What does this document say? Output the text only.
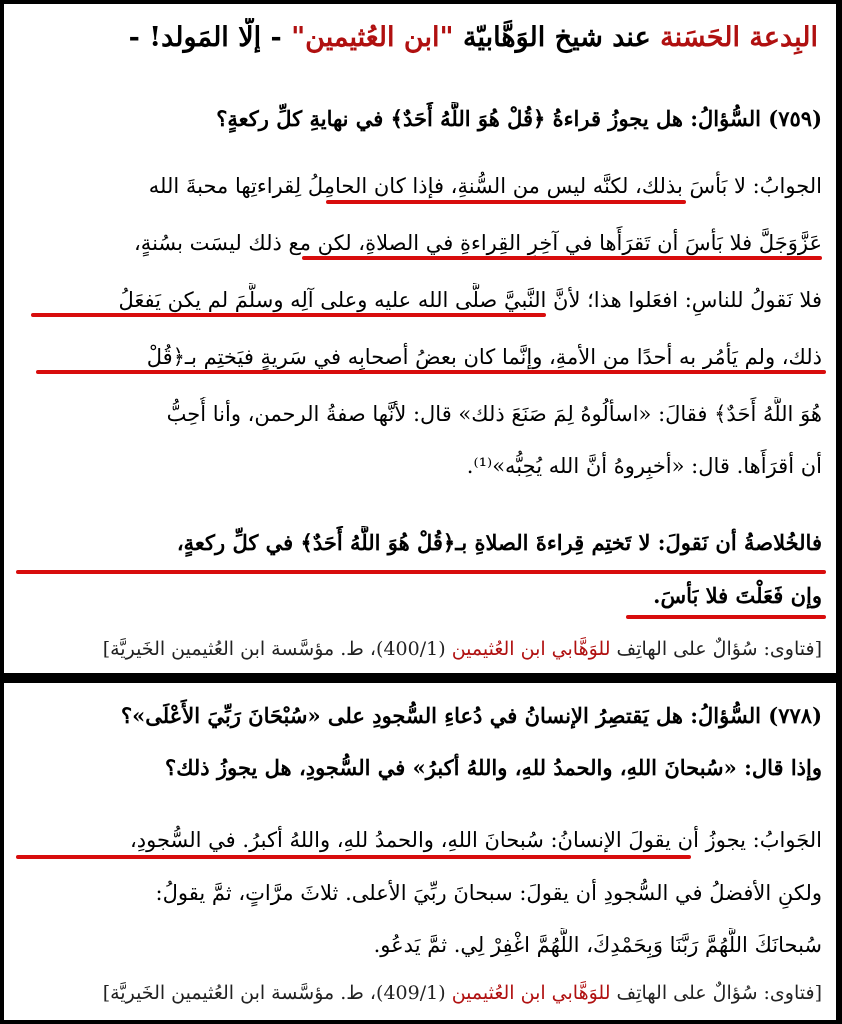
البِدعة الحَسَنة عند شيخ الوَهَّابيّة "ابن العُثيمين" - إلَّا المَولد! -
(٧٥٩) السُّؤالُ: هل يجوزُ قراءةُ ﴿قُلْ هُوَ اللَّهُ أَحَدٌ﴾ في نهايةِ كلِّ ركعةٍ؟
الجوابُ: لا بَأسَ بذلك، لكنَّه ليس من السُّنةِ، فإذا كان الحامِلُ لِقراءتِها محبةَ الله
عَزَّوَجَلَّ فلا بَأسَ أن تَقرَأَها في آخِرِ القِراءةِ في الصلاةِ، لكن مع ذلك ليسَت بسُنةٍ،
فلا نَقولُ للناسِ: افعَلوا هذا؛ لأنَّ النَّبيَّ صلَّى الله عليه وعلى آلِه وسلَّمَ لم يكن يَفعَلُ
ذلك، ولم يَأمُر به أحدًا من الأمةِ، وإنَّما كان بعضُ أصحابِه في سَريةٍ فيَختِم بـ﴿قُلْ
هُوَ اللَّهُ أَحَدٌ﴾ فقالَ: «اسألُوهُ لِمَ صَنَعَ ذلك» قال: لأنَّها صفةُ الرحمن، وأنا أُحِبُّ
أن أقرَأَها. قال: «أخبِروهُ أنَّ الله يُحِبُّه»⁽¹⁾.
فالخُلاصةُ أن نَقولَ: لا تَختِم قِراءةَ الصلاةِ بـ﴿قُلْ هُوَ اللَّهُ أَحَدٌ﴾ في كلِّ ركعةٍ،
وإن فَعَلْتَ فلا بَأسَ.
[فتاوى: سُؤالٌ على الهاتِف للوَهَّابي ابن العُثيمين (400/1)، ط. مؤسَّسة ابن العُثيمين الخَيريَّة]
(٧٧٨) السُّؤالُ: هل يَقتصِرُ الإنسانُ في دُعاءِ السُّجودِ على «سُبْحَانَ رَبِّيَ الأَعْلَى»؟
وإذا قال: «سُبحانَ اللهِ، والحمدُ للهِ، واللهُ أكبرُ» في السُّجودِ، هل يجوزُ ذلك؟
الجَوابُ: يجوزُ أن يقولَ الإنسانُ: سُبحانَ اللهِ، والحمدُ للهِ، واللهُ أكبرُ. في السُّجودِ،
ولكنِ الأفضلُ في السُّجودِ أن يقولَ: سبحانَ ربِّيَ الأعلى. ثلاثَ مرَّاتٍ، ثمَّ يقولُ:
سُبحانَكَ اللَّهُمَّ رَبَّنَا وَبِحَمْدِكَ، اللَّهُمَّ اغْفِرْ لِي. ثمَّ يَدعُو.
[فتاوى: سُؤالٌ على الهاتِف للوَهَّابي ابن العُثيمين (409/1)، ط. مؤسَّسة ابن العُثيمين الخَيريَّة]
